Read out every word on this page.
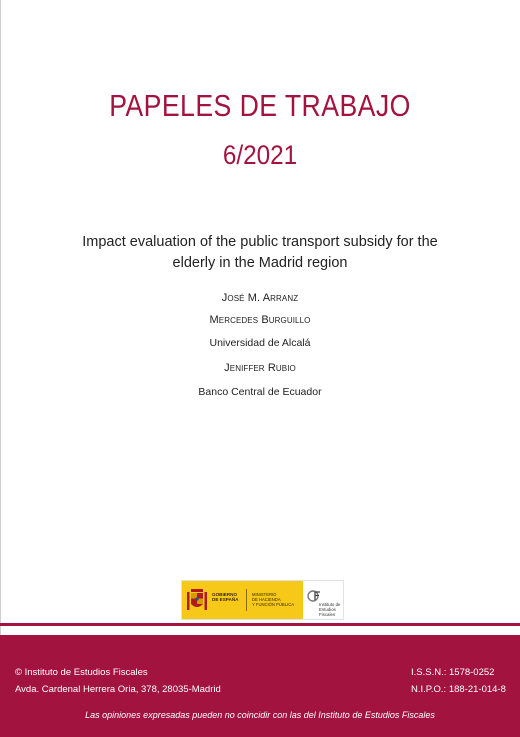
PAPELES DE TRABAJO
6/2021
Impact evaluation of the public transport subsidy for the
elderly in the Madrid region
José M. Arranz
Mercedes Burguillo
Universidad de Alcalá
Jeniffer Rubio
Banco Central de Ecuador
GOBIERNO
DE ESPAÑA
MINISTERIO
DE HACIENDA
Y FUNCIÓN PÚBLICA	Instituto de
Estudios Fiscales
© Instituto de Estudios Fiscales
Avda. Cardenal Herrera Oria, 378, 28035-Madrid
I.S.S.N.: 1578-0252
N.I.P.O.: 188-21-014-8
Las opiniones expresadas pueden no coincidir con las del Instituto de Estudios Fiscales
